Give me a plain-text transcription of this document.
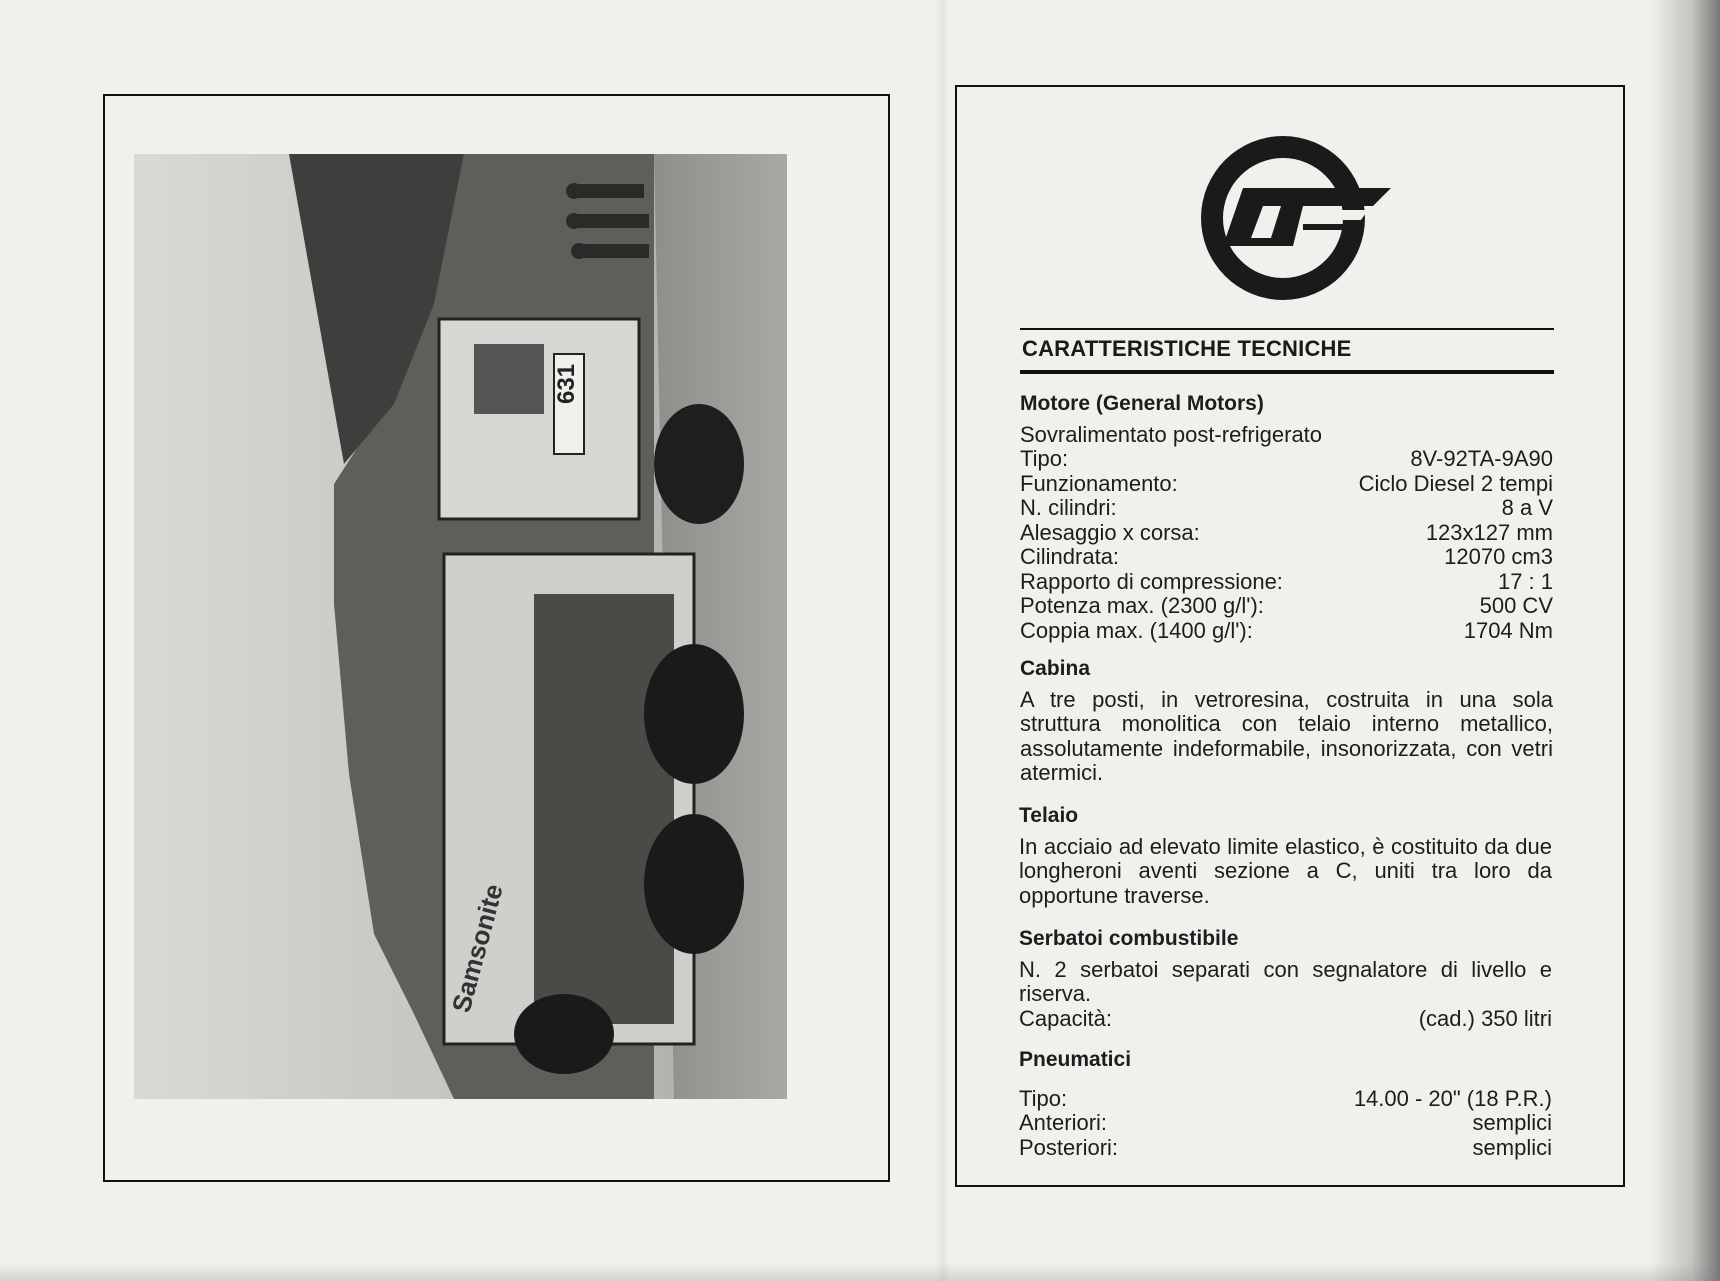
631
Samsonite
CARATTERISTICHE TECNICHE
Motore (General Motors)
Sovralimentato post-refrigerato
Tipo:	8V-92TA-9A90
Funzionamento:	Ciclo Diesel 2 tempi
N. cilindri:	8 a V
Alesaggio x corsa:	123x127 mm
Cilindrata:	12070 cm3
Rapporto di compressione:	17 : 1
Potenza max. (2300 g/l'):	500 CV
Coppia max. (1400 g/l'):	1704 Nm
Cabina

A tre posti, in vetroresina, costruita in una sola struttura monolitica con telaio interno metallico, assolutamente indeformabile, insonorizzata, con vetri atermici.

Telaio

In acciaio ad elevato limite elastico, è costituito da due longheroni aventi sezione a C, uniti tra loro da opportune traverse.

Serbatoi combustibile

N. 2 serbatoi separati con segnalatore di livello e riserva.

Capacità:	(cad.) 350 litri
Pneumatici
Tipo:	14.00 - 20" (18 P.R.)
Anteriori:	semplici
Posteriori:	semplici
